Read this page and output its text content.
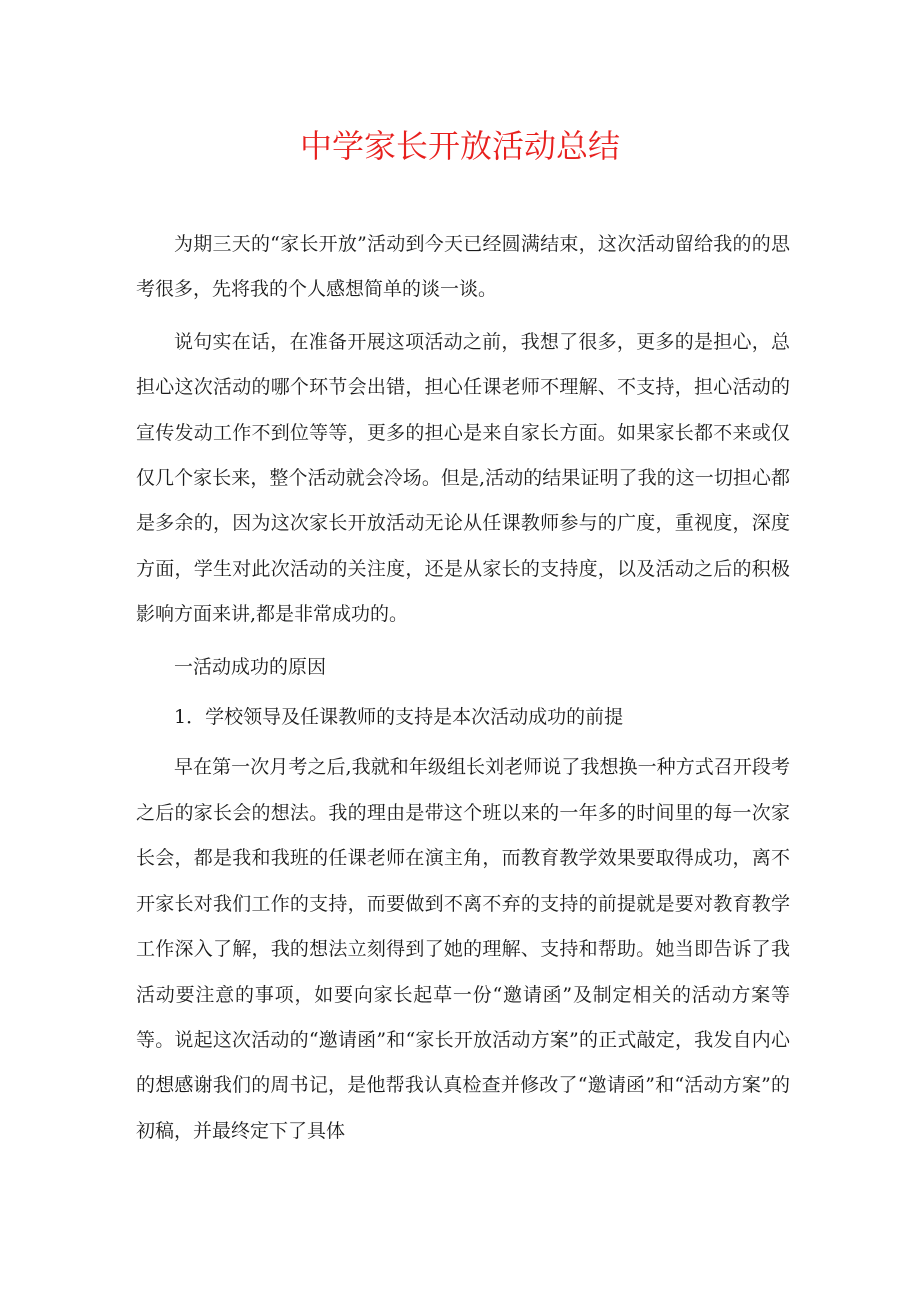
中学家长开放活动总结

为期三天的“家长开放”活动到今天已经圆满结束，这次活动留给我的的思考很多，先将我的个人感想简单的谈一谈。

说句实在话，在准备开展这项活动之前，我想了很多，更多的是担心，总担心这次活动的哪个环节会出错，担心任课老师不理解、不支持，担心活动的宣传发动工作不到位等等，更多的担心是来自家长方面。如果家长都不来或仅仅几个家长来，整个活动就会冷场。但是,活动的结果证明了我的这一切担心都是多余的，因为这次家长开放活动无论从任课教师参与的广度，重视度，深度方面，学生对此次活动的关注度，还是从家长的支持度，以及活动之后的积极影响方面来讲,都是非常成功的。

一活动成功的原因

1．学校领导及任课教师的支持是本次活动成功的前提

早在第一次月考之后,我就和年级组长刘老师说了我想换一种方式召开段考之后的家长会的想法。我的理由是带这个班以来的一年多的时间里的每一次家长会，都是我和我班的任课老师在演主角，而教育教学效果要取得成功，离不开家长对我们工作的支持，而要做到不离不弃的支持的前提就是要对教育教学工作深入了解，我的想法立刻得到了她的理解、支持和帮助。她当即告诉了我活动要注意的事项，如要向家长起草一份“邀请函”及制定相关的活动方案等等。说起这次活动的“邀请函”和“家长开放活动方案”的正式敲定，我发自内心的想感谢我们的周书记，是他帮我认真检查并修改了“邀请函”和“活动方案”的初稿，并最终定下了具体
